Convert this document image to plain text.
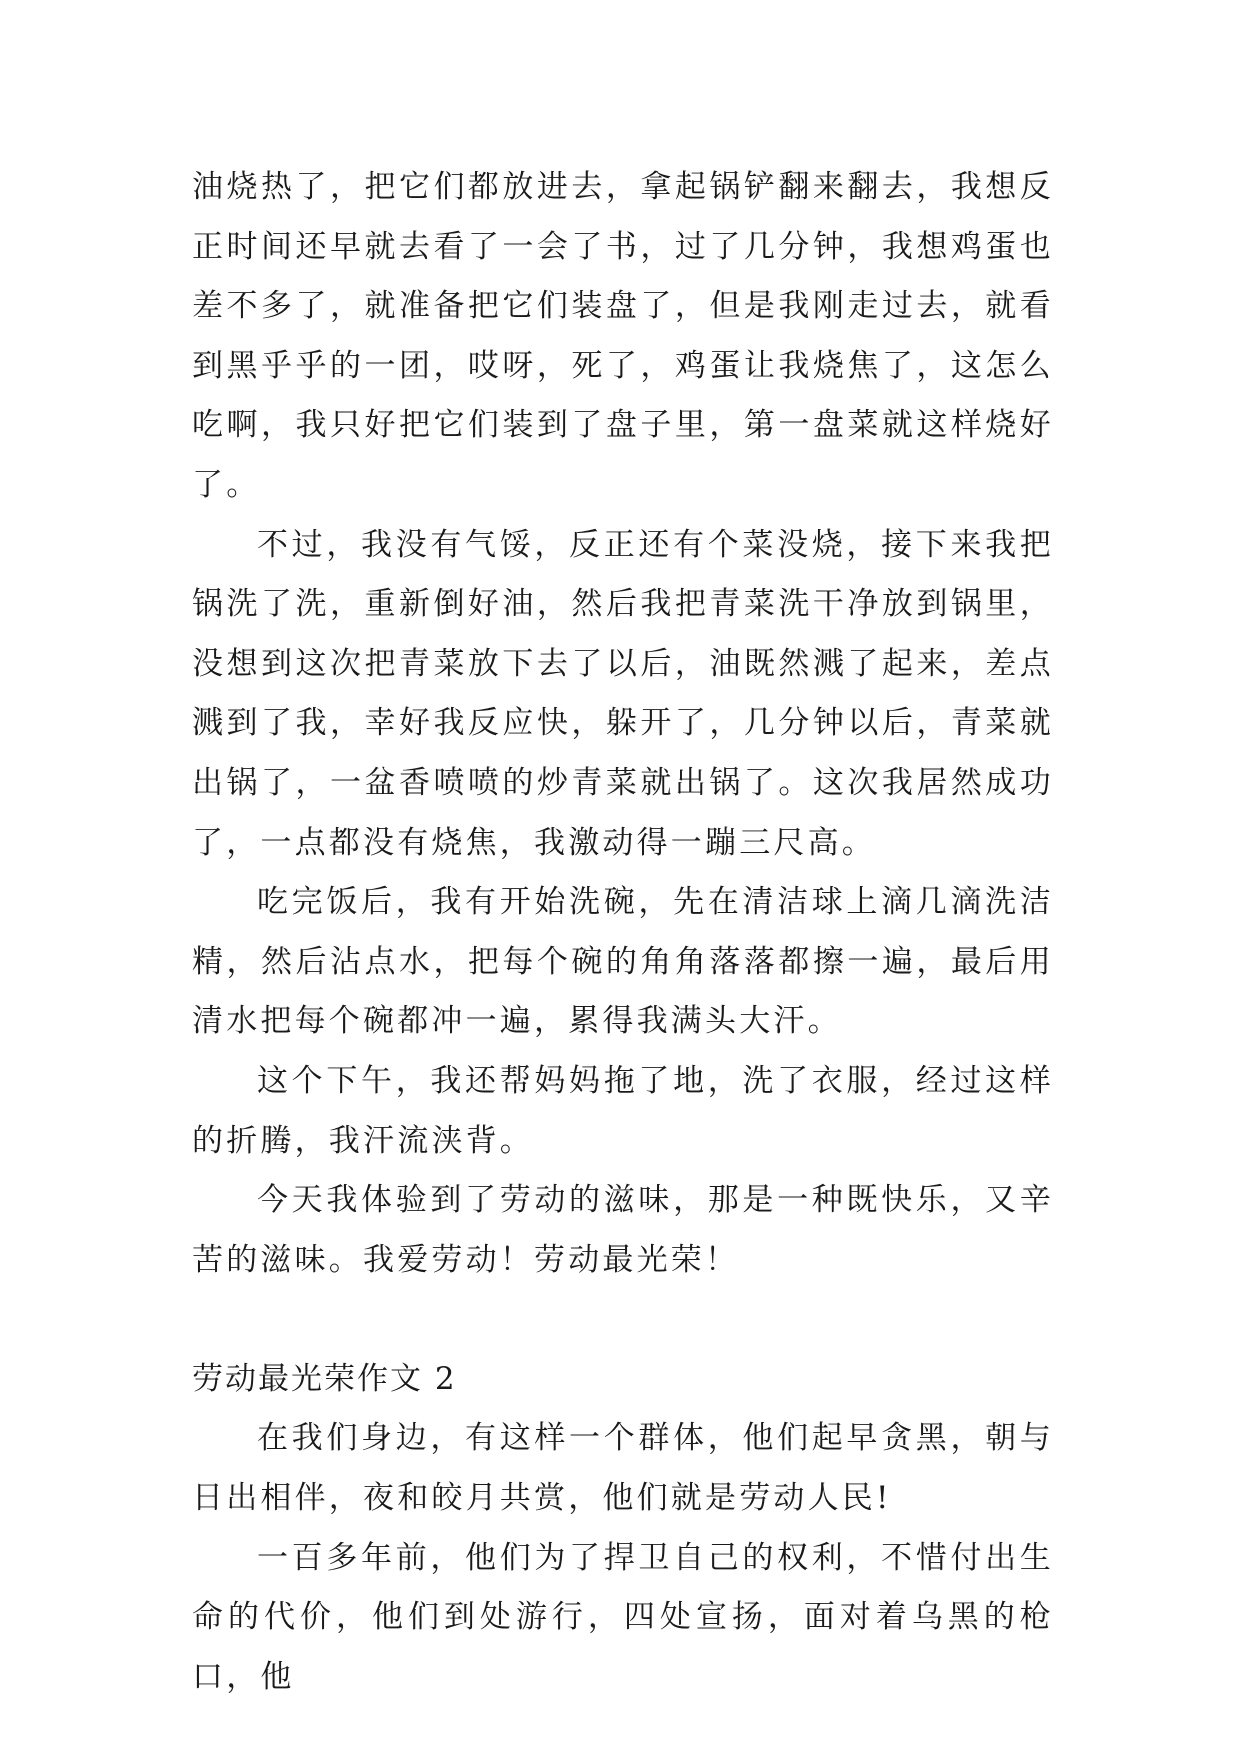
油烧热了，把它们都放进去，拿起锅铲翻来翻去，我想反正时间还早就去看了一会了书，过了几分钟，我想鸡蛋也差不多了，就准备把它们装盘了，但是我刚走过去，就看到黑乎乎的一团，哎呀，死了，鸡蛋让我烧焦了，这怎么吃啊，我只好把它们装到了盘子里，第一盘菜就这样烧好了。

不过，我没有气馁，反正还有个菜没烧，接下来我把锅洗了洗，重新倒好油，然后我把青菜洗干净放到锅里，没想到这次把青菜放下去了以后，油既然溅了起来，差点溅到了我，幸好我反应快，躲开了，几分钟以后，青菜就出锅了，一盆香喷喷的炒青菜就出锅了。这次我居然成功了，一点都没有烧焦，我激动得一蹦三尺高。

吃完饭后，我有开始洗碗，先在清洁球上滴几滴洗洁精，然后沾点水，把每个碗的角角落落都擦一遍，最后用清水把每个碗都冲一遍，累得我满头大汗。

这个下午，我还帮妈妈拖了地，洗了衣服，经过这样的折腾，我汗流浃背。

今天我体验到了劳动的滋味，那是一种既快乐，又辛苦的滋味。我爱劳动！劳动最光荣！

劳动最光荣作文 2

在我们身边，有这样一个群体，他们起早贪黑，朝与日出相伴，夜和皎月共赏，他们就是劳动人民!

一百多年前，他们为了捍卫自己的权利，不惜付出生命的代价，他们到处游行，四处宣扬，面对着乌黑的枪口，他
